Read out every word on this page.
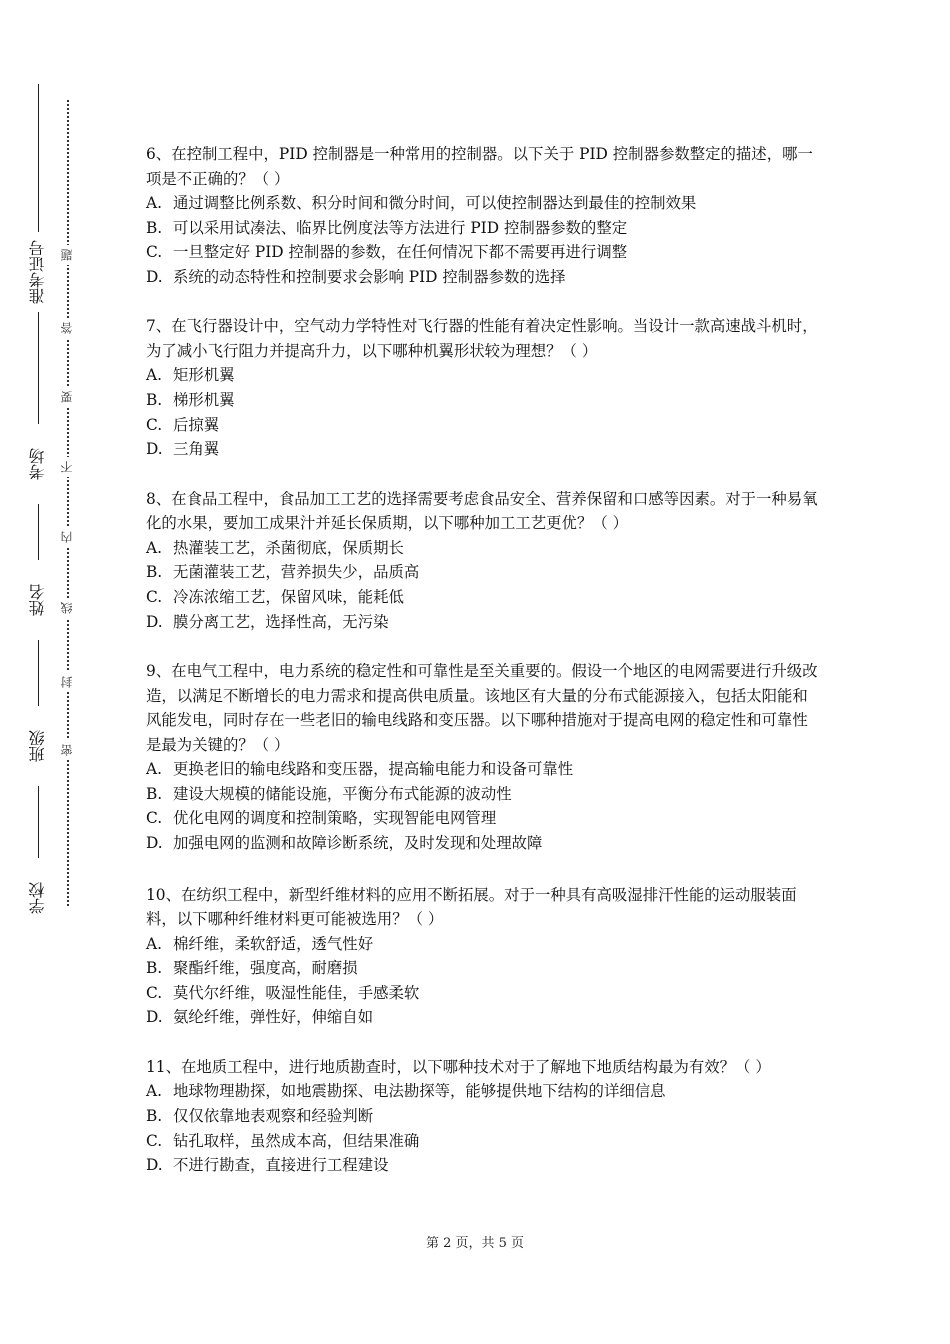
准考证号
考场
姓名
班级
学校
题
答
要
不
内
线
封
密
6、在控制工程中，PID 控制器是一种常用的控制器。以下关于 PID 控制器参数整定的描述，哪一项是不正确的？（ ）
A. 通过调整比例系数、积分时间和微分时间，可以使控制器达到最佳的控制效果
B. 可以采用试凑法、临界比例度法等方法进行 PID 控制器参数的整定
C. 一旦整定好 PID 控制器的参数，在任何情况下都不需要再进行调整
D. 系统的动态特性和控制要求会影响 PID 控制器参数的选择
7、在飞行器设计中，空气动力学特性对飞行器的性能有着决定性影响。当设计一款高速战斗机时，为了减小飞行阻力并提高升力，以下哪种机翼形状较为理想？（ ）
A. 矩形机翼
B. 梯形机翼
C. 后掠翼
D. 三角翼
8、在食品工程中，食品加工工艺的选择需要考虑食品安全、营养保留和口感等因素。对于一种易氧化的水果，要加工成果汁并延长保质期，以下哪种加工工艺更优？（ ）
A. 热灌装工艺，杀菌彻底，保质期长
B. 无菌灌装工艺，营养损失少，品质高
C. 冷冻浓缩工艺，保留风味，能耗低
D. 膜分离工艺，选择性高，无污染
9、在电气工程中，电力系统的稳定性和可靠性是至关重要的。假设一个地区的电网需要进行升级改造，以满足不断增长的电力需求和提高供电质量。该地区有大量的分布式能源接入，包括太阳能和风能发电，同时存在一些老旧的输电线路和变压器。以下哪种措施对于提高电网的稳定性和可靠性是最为关键的？（ ）
A. 更换老旧的输电线路和变压器，提高输电能力和设备可靠性
B. 建设大规模的储能设施，平衡分布式能源的波动性
C. 优化电网的调度和控制策略，实现智能电网管理
D. 加强电网的监测和故障诊断系统，及时发现和处理故障
10、在纺织工程中，新型纤维材料的应用不断拓展。对于一种具有高吸湿排汗性能的运动服装面料，以下哪种纤维材料更可能被选用？（ ）
A. 棉纤维，柔软舒适，透气性好
B. 聚酯纤维，强度高，耐磨损
C. 莫代尔纤维，吸湿性能佳，手感柔软
D. 氨纶纤维，弹性好，伸缩自如
11、在地质工程中，进行地质勘查时，以下哪种技术对于了解地下地质结构最为有效？（ ）
A. 地球物理勘探，如地震勘探、电法勘探等，能够提供地下结构的详细信息
B. 仅仅依靠地表观察和经验判断
C. 钻孔取样，虽然成本高，但结果准确
D. 不进行勘查，直接进行工程建设
第 2 页，共 5 页
